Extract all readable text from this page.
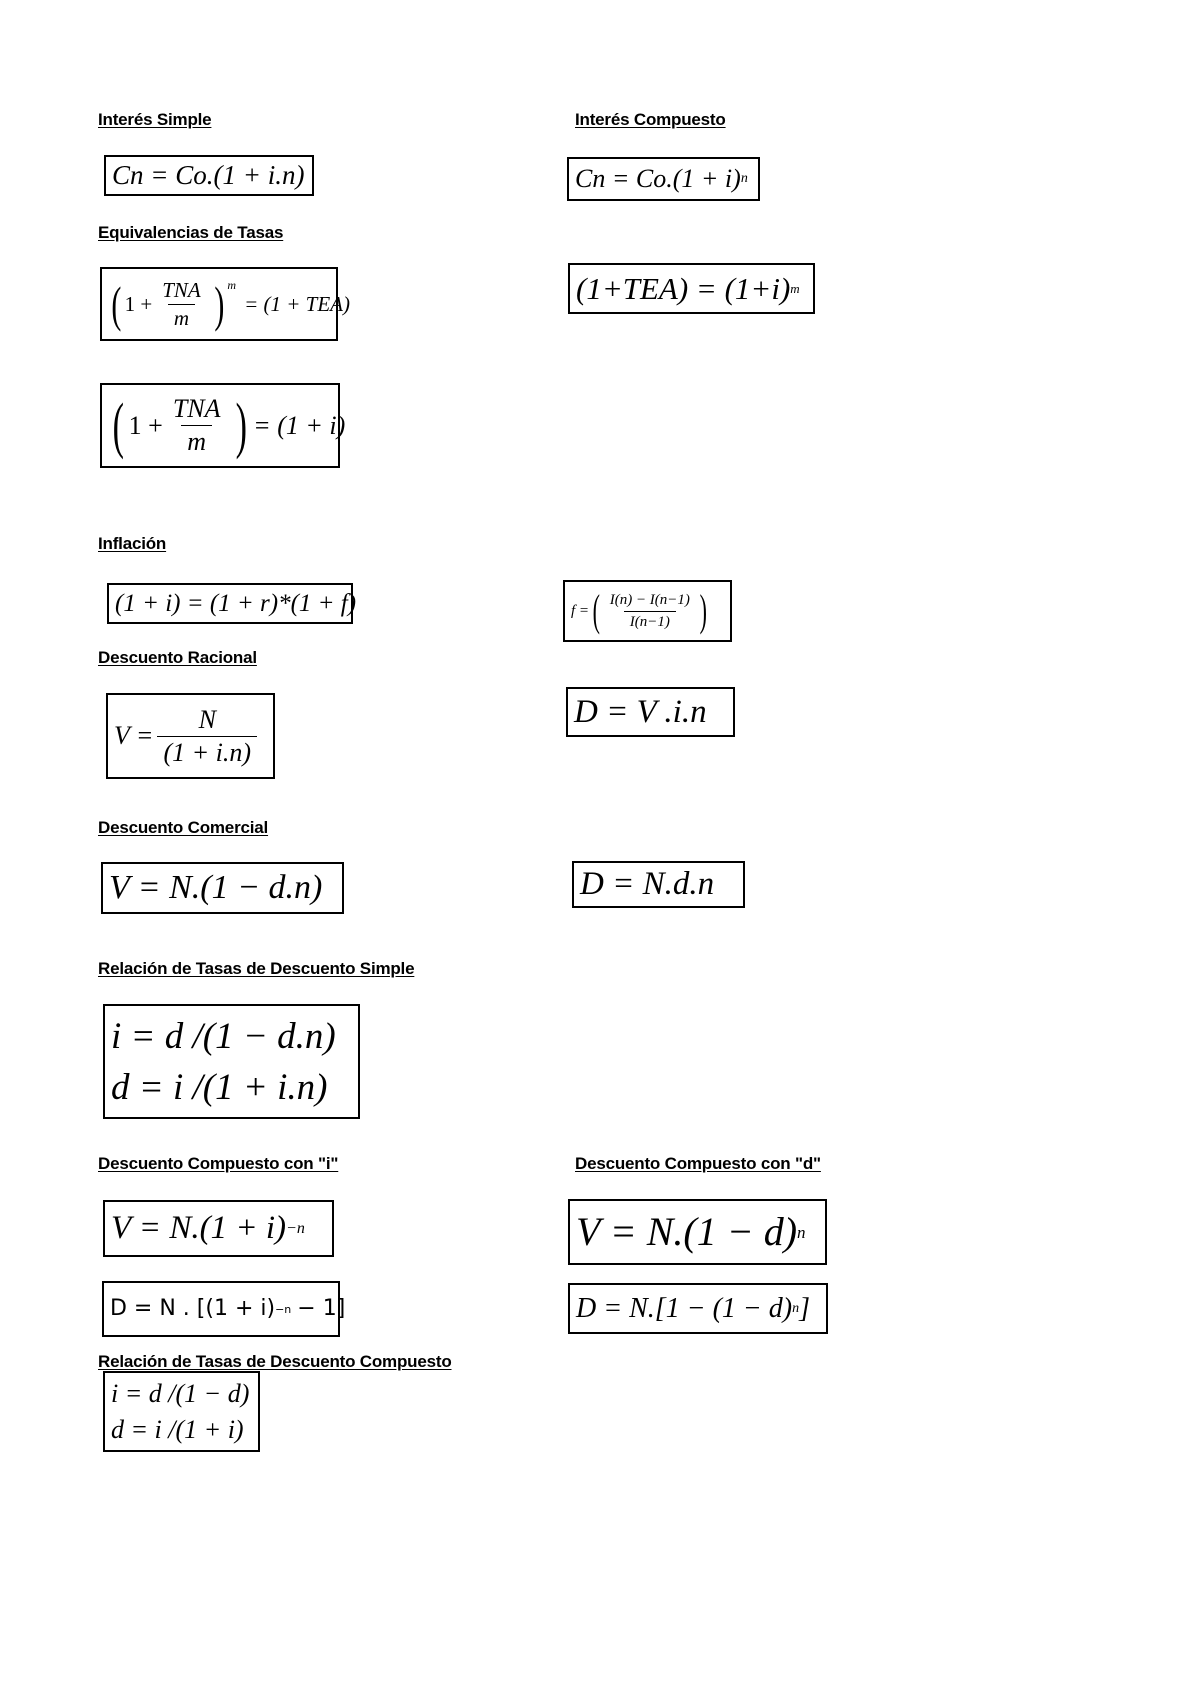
Interés Simple	Interés Compuesto
Equivalencias de Tasas
Inflación
Descuento Racional
Descuento Comercial
Relación de Tasas de Descuento Simple
Descuento Compuesto con "i"	Descuento Compuesto con "d"
Relación de Tasas de Descuento Compuesto
Cn = Co.(1 + i.n)	Cn = Co.(1 + i) n
( $1 + \frac{\text{TNA}}{m}$ ) $^m$
= (1 + TEA)	(1+TEA) = (1+i) m
( $1 + \frac{\text{TNA}}{m}$ ) = (1 + i)
(1 + i) = (1 + r)*(1 + f)	f = ( $\frac{I(n) - I(n-1)}{I(n-1)}$ )
$V = \frac{N}{(1 + i.n)}$	D = V .i.n
V = N.(1 − d.n)	D = N.d.n
i = d /(1 − d.n)
d = i /(1 + i.n)
V = N.(1 + i) −n	V = N.(1 − d) n
D = N . [(1 + i) −n − 1]	D = N.[1 − (1 − d) n ]
i = d /(1 − d)
d = i /(1 + i)
